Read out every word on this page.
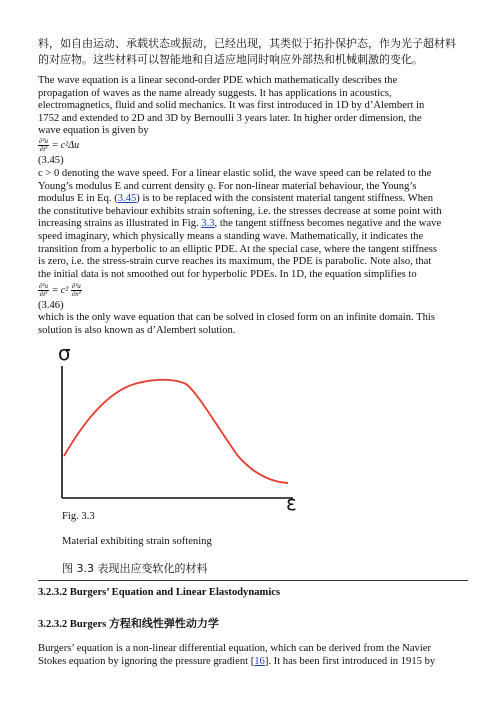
料，如自由运动、承载状态或振动，已经出现，其类似于拓扑保护态，作为光子超材料
的对应物。这些材料可以智能地和自适应地同时响应外部热和机械刺激的变化。
The wave equation is a linear second-order PDE which mathematically describes the
propagation of waves as the name already suggests. It has applications in acoustics,
electromagnetics, fluid and solid mechanics. It was first introduced in 1D by d’Alembert in
1752 and extended to 2D and 3D by Bernoulli 3 years later. In higher order dimension, the
wave equation is given by
$\frac{\text{∂²u}}{\text{∂t²}} = c^2\Delta u$
(3.45)
c > 0 denoting the wave speed. For a linear elastic solid, the wave speed can be related to the
Young’s modulus E and current density ϱ. For non-linear material behaviour, the Young’s
modulus E in Eq. (3.45) is to be replaced with the consistent material tangent stiffness. When
the constitutive behaviour exhibits strain softening, i.e. the stresses decrease at some point with
increasing strains as illustrated in Fig. 3.3, the tangent stiffness becomes negative and the wave
speed imaginary, which physically means a standing wave. Mathematically, it indicates the
transition from a hyperbolic to an elliptic PDE. At the special case, where the tangent stiffness
is zero, i.e. the stress-strain curve reaches its maximum, the PDE is parabolic. Note also, that
the initial data is not smoothed out for hyperbolic PDEs. In 1D, the equation simplifies to
$\frac{\text{∂²u}}{\text{∂t²}} = c^2 \frac{\text{∂²u}}{\text{∂x²}}$
(3.46)
which is the only wave equation that can be solved in closed form on an infinite domain. This
solution is also known as d’Alembert solution.
σ
ε
Fig. 3.3
Material exhibiting strain softening
图 3.3 表现出应变软化的材料
3.2.3.2 Burgers’ Equation and Linear Elastodynamics
3.2.3.2 Burgers 方程和线性弹性动力学
Burgers’ equation is a non-linear differential equation, which can be derived from the Navier
Stokes equation by ignoring the pressure gradient [16]. It has been first introduced in 1915 by
